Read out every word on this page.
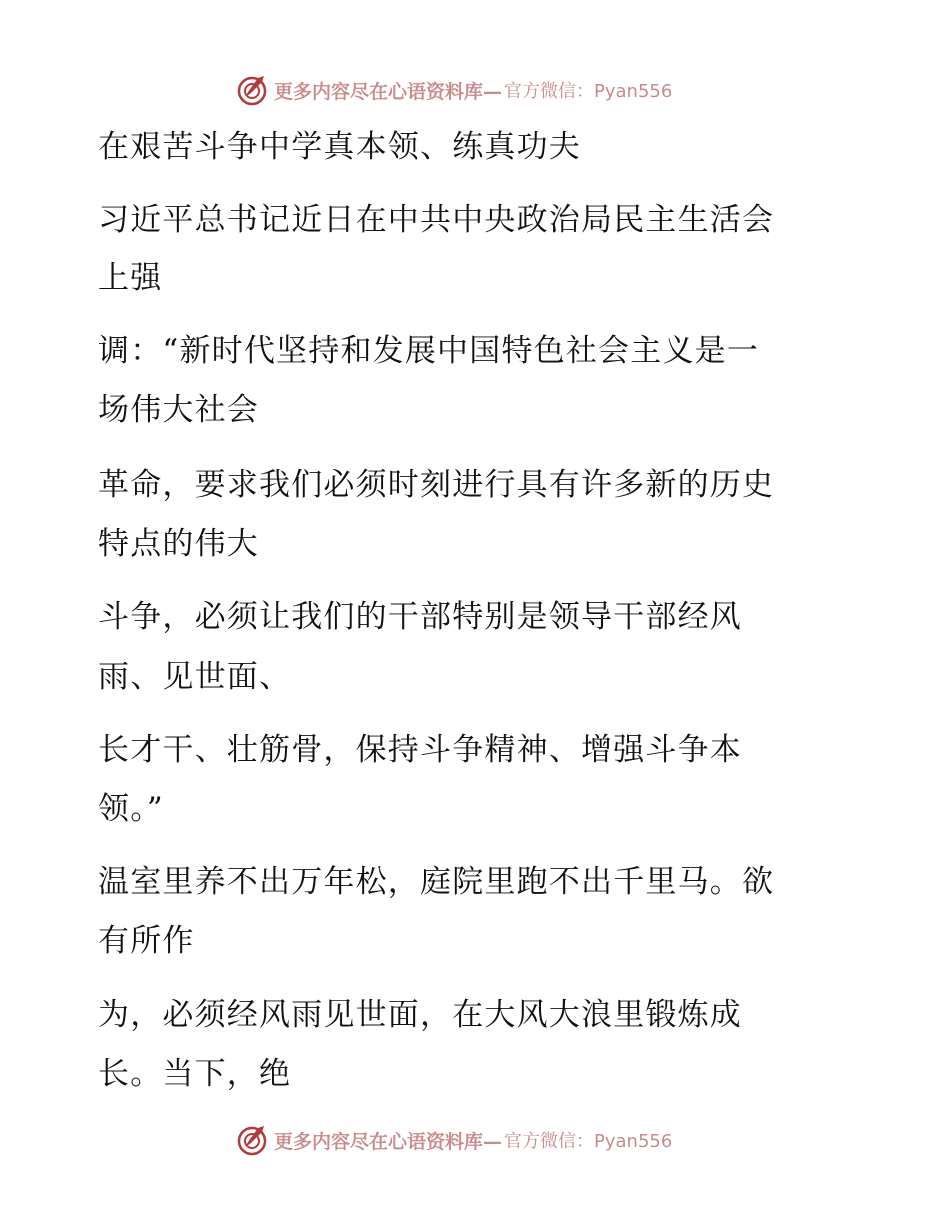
更多内容尽在心语资料库— 官方微信：Pyan556
在艰苦斗争中学真本领、练真功夫
习近平总书记近日在中共中央政治局民主生活会
上强
调：“新时代坚持和发展中国特色社会主义是一
场伟大社会
革命，要求我们必须时刻进行具有许多新的历史
特点的伟大
斗争，必须让我们的干部特别是领导干部经风
雨、见世面、
长才干、壮筋骨，保持斗争精神、增强斗争本
领。”
温室里养不出万年松，庭院里跑不出千里马。欲
有所作
为，必须经风雨见世面，在大风大浪里锻炼成
长。当下，绝
更多内容尽在心语资料库— 官方微信：Pyan556
